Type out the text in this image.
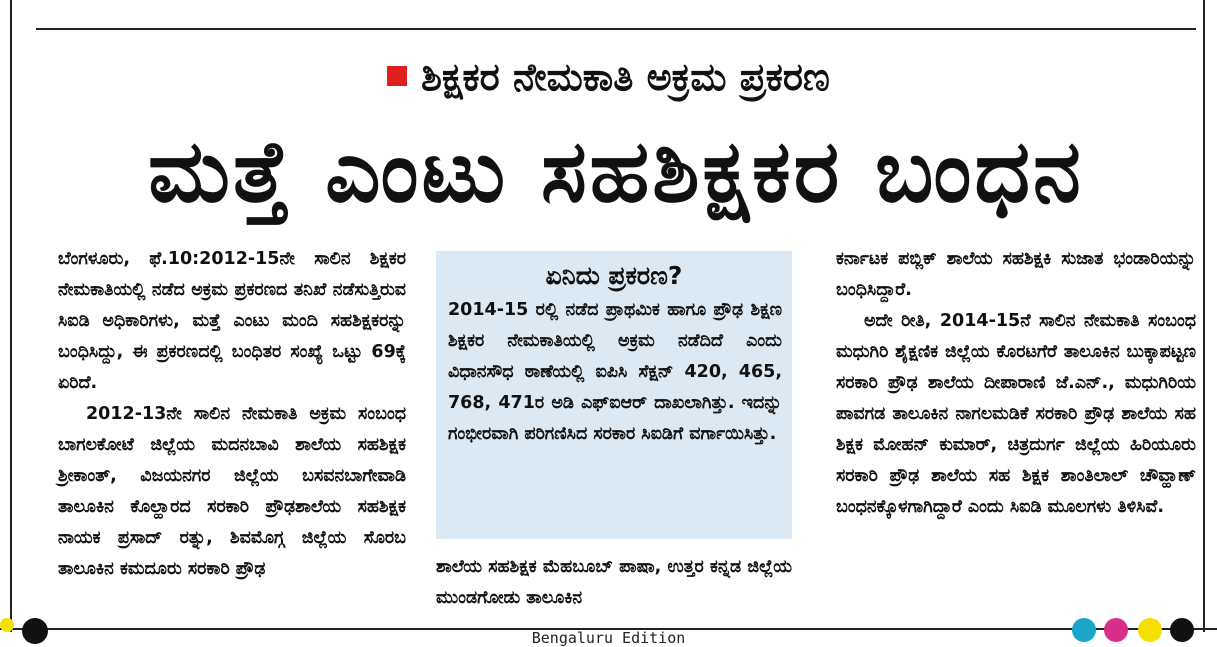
ಶಿಕ್ಷಕರ ನೇಮಕಾತಿ ಅಕ್ರಮ ಪ್ರಕರಣ
ಮತ್ತೆ ಎಂಟು ಸಹಶಿಕ್ಷಕರ ಬಂಧನ

ಬೆಂಗಳೂರು, ಫೆ.10:2012-15ನೇ ಸಾಲಿನ ಶಿಕ್ಷಕರ ನೇಮಕಾತಿಯಲ್ಲಿ ನಡೆದ ಅಕ್ರಮ ಪ್ರಕರಣದ ತನಿಖೆ ನಡೆಸುತ್ತಿರುವ ಸಿಐಡಿ ಅಧಿಕಾರಿಗಳು, ಮತ್ತೆ ಎಂಟು ಮಂದಿ ಸಹಶಿಕ್ಷಕರನ್ನು ಬಂಧಿಸಿದ್ದು, ಈ ಪ್ರಕರಣದಲ್ಲಿ ಬಂಧಿತರ ಸಂಖ್ಯೆ ಒಟ್ಟು 69ಕ್ಕೆ ಏರಿದೆ.

2012-13ನೇ ಸಾಲಿನ ನೇಮಕಾತಿ ಅಕ್ರಮ ಸಂಬಂಧ ಬಾಗಲಕೋಟೆ ಜಿಲ್ಲೆಯ ಮದನಬಾವಿ ಶಾಲೆಯ ಸಹಶಿಕ್ಷಕ ಶ್ರೀಕಾಂತ್, ವಿಜಯನಗರ ಜಿಲ್ಲೆಯ ಬಸವನಬಾಗೇವಾಡಿ ತಾಲೂಕಿನ ಕೊಲ್ಹಾರದ ಸರಕಾರಿ ಪ್ರೌಢಶಾಲೆಯ ಸಹಶಿಕ್ಷಕ ನಾಯಕ ಪ್ರಸಾದ್ ರತ್ನು, ಶಿವಮೊಗ್ಗ ಜಿಲ್ಲೆಯ ಸೊರಬ ತಾಲೂಕಿನ ಕಮದೂರು ಸರಕಾರಿ ಪ್ರೌಢ

ಏನಿದು ಪ್ರಕರಣ?

2014-15 ರಲ್ಲಿ ನಡೆದ ಪ್ರಾಥಮಿಕ ಹಾಗೂ ಪ್ರೌಢ ಶಿಕ್ಷಣ ಶಿಕ್ಷಕರ ನೇಮಕಾತಿಯಲ್ಲಿ ಅಕ್ರಮ ನಡೆದಿದೆ ಎಂದು ವಿಧಾನಸೌಧ ಠಾಣೆಯಲ್ಲಿ ಐಪಿಸಿ ಸೆಕ್ಷನ್ 420, 465, 768, 471ರ ಅಡಿ ಎಫ್ಐಆರ್ ದಾಖಲಾಗಿತ್ತು. ಇದನ್ನು ಗಂಭೀರವಾಗಿ ಪರಿಗಣಿಸಿದ ಸರಕಾರ ಸಿಐಡಿಗೆ ವರ್ಗಾಯಿಸಿತ್ತು.

ಶಾಲೆಯ ಸಹಶಿಕ್ಷಕ ಮೆಹಬೂಬ್ ಪಾಷಾ, ಉತ್ತರ ಕನ್ನಡ ಜಿಲ್ಲೆಯ ಮುಂಡಗೋಡು ತಾಲೂಕಿನ

ಕರ್ನಾಟಕ ಪಬ್ಲಿಕ್ ಶಾಲೆಯ ಸಹಶಿಕ್ಷಕಿ ಸುಜಾತ ಭಂಡಾರಿಯನ್ನು ಬಂಧಿಸಿದ್ದಾರೆ.

ಅದೇ ರೀತಿ, 2014-15ನೆ ಸಾಲಿನ ನೇಮಕಾತಿ ಸಂಬಂಧ ಮಧುಗಿರಿ ಶೈಕ್ಷಣಿಕ ಜಿಲ್ಲೆಯ ಕೊರಟಗೆರೆ ತಾಲೂಕಿನ ಬುಕ್ಕಾಪಟ್ಟಣ ಸರಕಾರಿ ಪ್ರೌಢ ಶಾಲೆಯ ದೀಪಾರಾಣಿ ಜೆ.ಎನ್., ಮಧುಗಿರಿಯ ಪಾವಗಡ ತಾಲೂಕಿನ ನಾಗಲಮಡಿಕೆ ಸರಕಾರಿ ಪ್ರೌಢ ಶಾಲೆಯ ಸಹ ಶಿಕ್ಷಕ ಮೋಹನ್ ಕುಮಾರ್, ಚಿತ್ರದುರ್ಗ ಜಿಲ್ಲೆಯ ಹಿರಿಯೂರು ಸರಕಾರಿ ಪ್ರೌಢ ಶಾಲೆಯ ಸಹ ಶಿಕ್ಷಕ ಶಾಂತಿಲಾಲ್ ಚೌವ್ಹಾಣ್ ಬಂಧನಕ್ಕೊಳಗಾಗಿದ್ದಾರೆ ಎಂದು ಸಿಐಡಿ ಮೂಲಗಳು ತಿಳಿಸಿವೆ.

Bengaluru Edition
